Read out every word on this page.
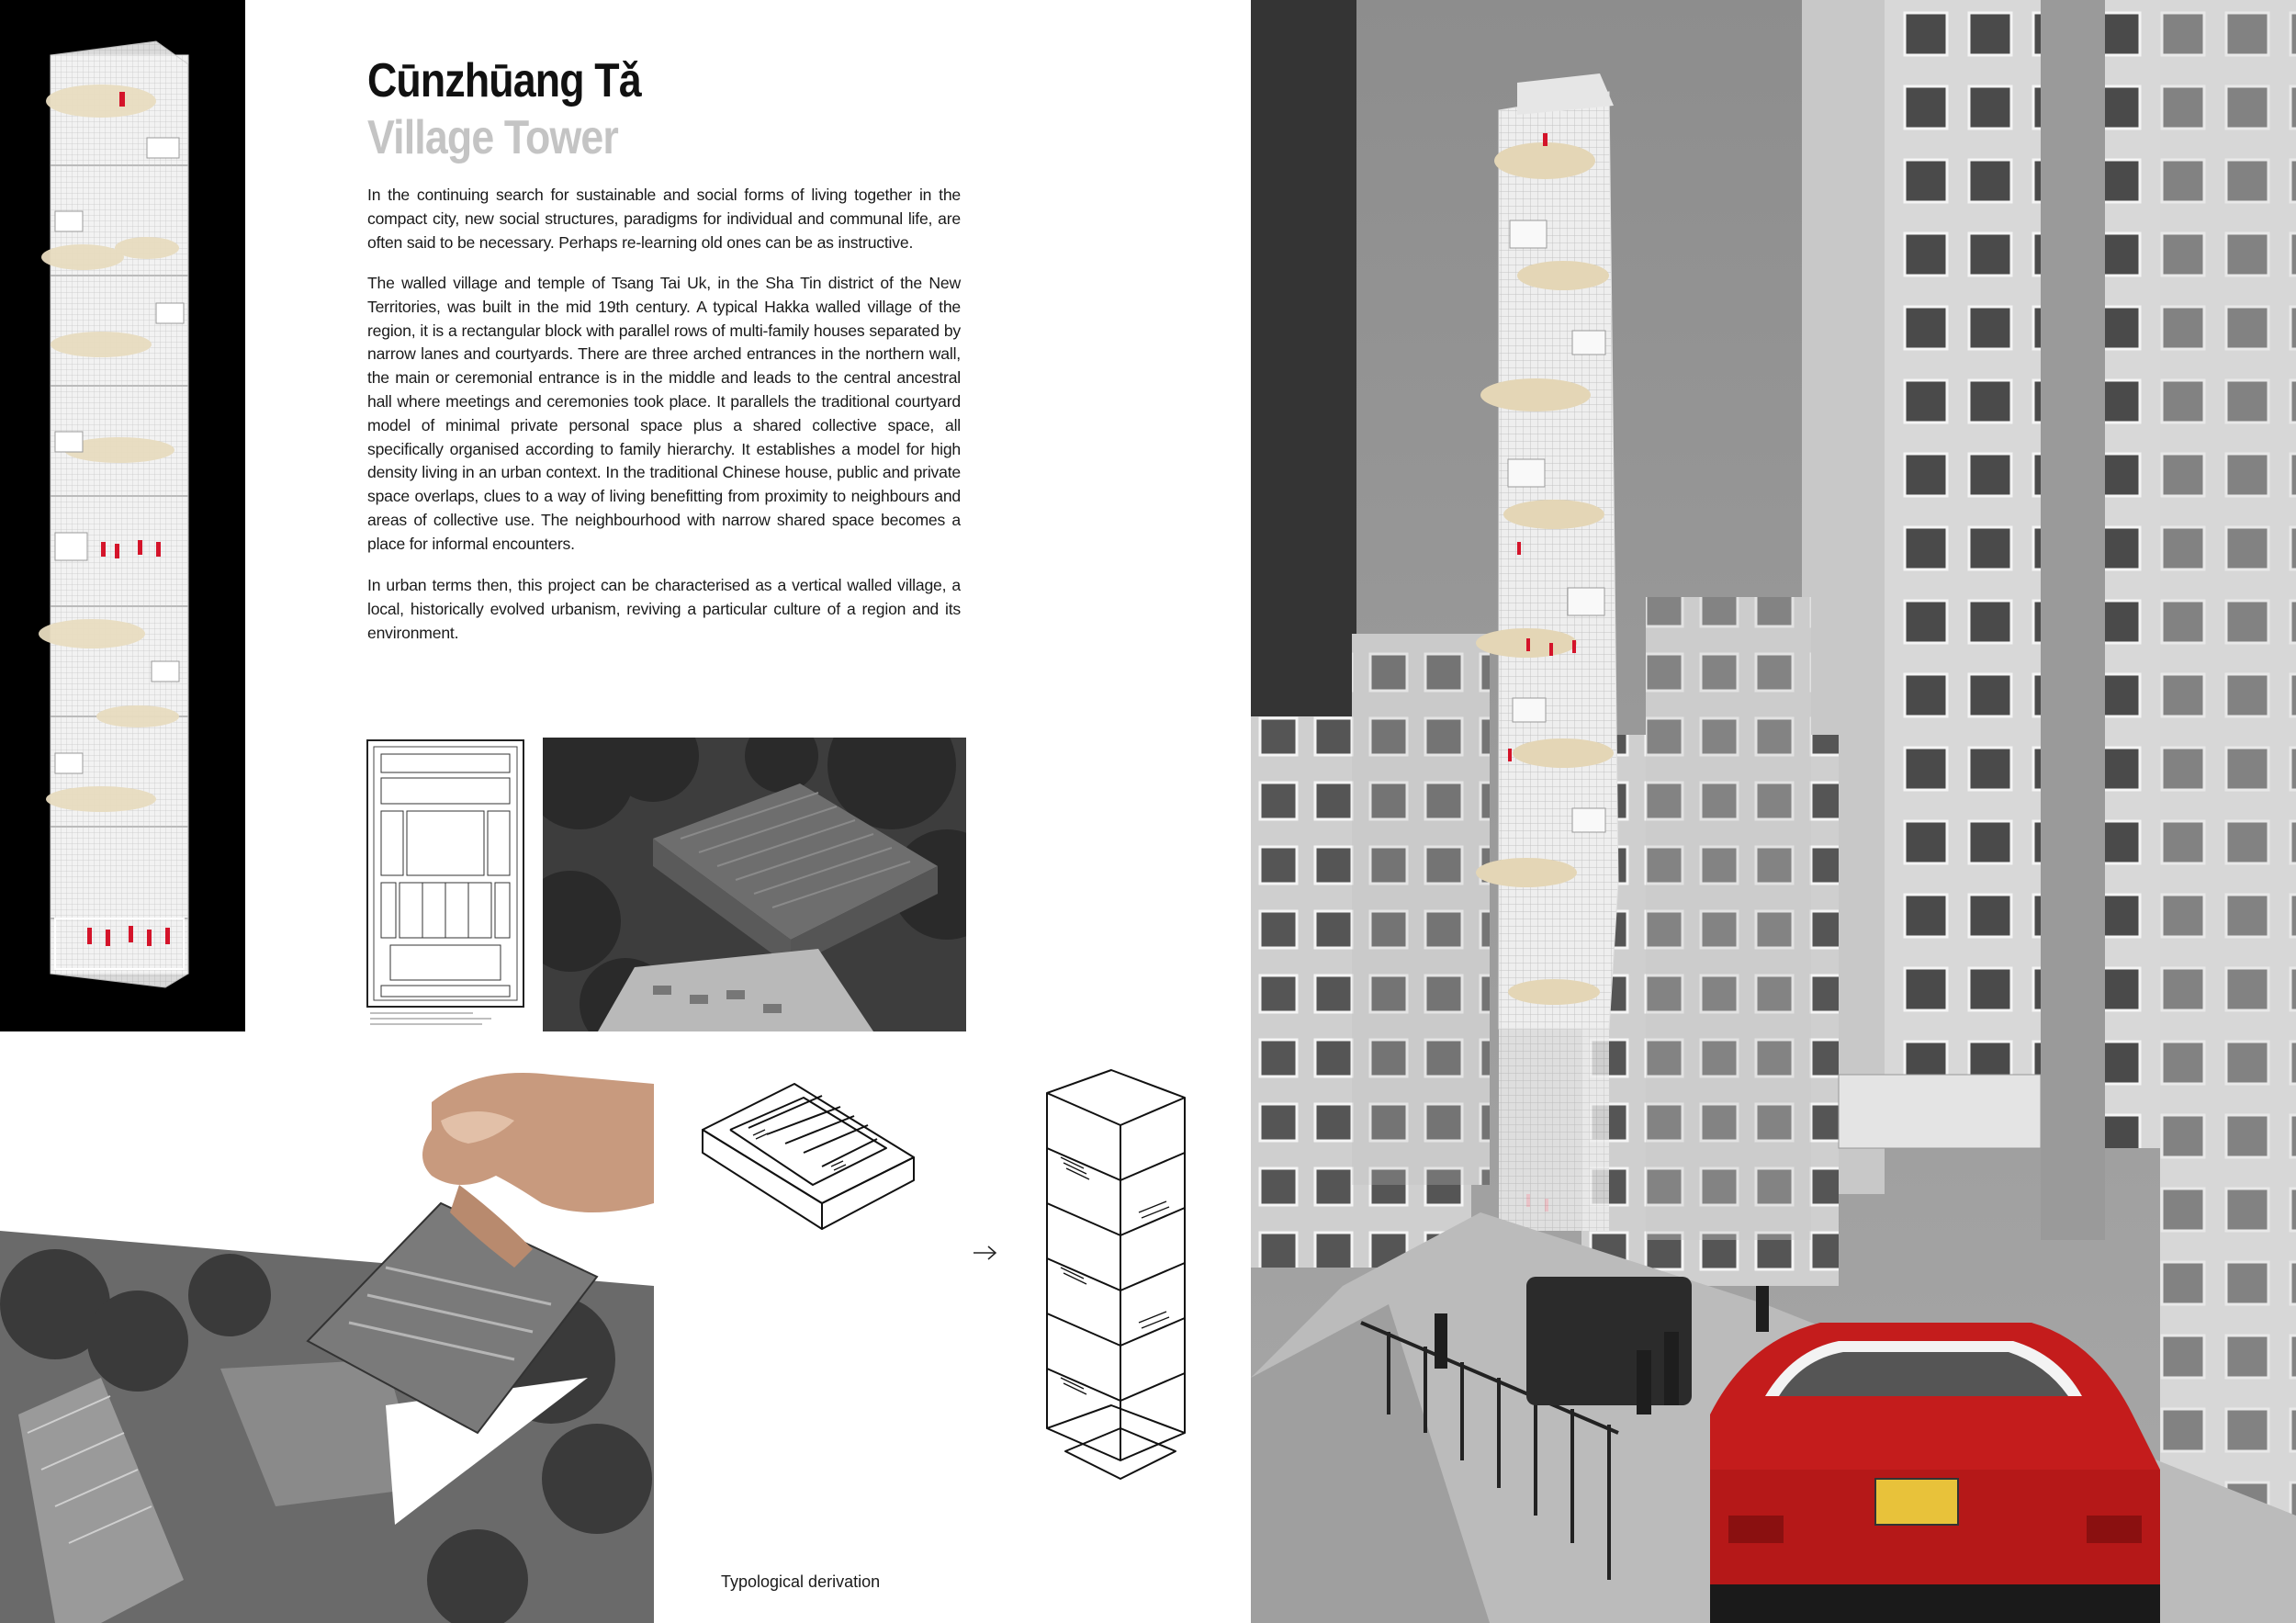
Cūnzhūang Tǎ
Village Tower

In the continuing search for sustainable and social forms of living together in the compact city, new social structures, paradigms for individual and communal life, are often said to be necessary. Perhaps re-learning old ones can be as instructive.

The walled village and temple of Tsang Tai Uk, in the Sha Tin district of the New Territories, was built in the mid 19th century. A typical Hakka walled village of the region, it is a rectangular block with parallel rows of multi-family houses separated by narrow lanes and courtyards. There are three arched entrances in the northern wall, the main or ceremonial entrance is in the middle and leads to the central ancestral hall where meetings and ceremonies took place. It parallels the traditional courtyard model of minimal private personal space plus a shared collective space, all specifically organised according to family hierarchy. It establishes a model for high density living in an urban context. In the traditional Chinese house, public and private space overlaps, clues to a way of living benefitting from proximity to neighbours and areas of collective use. The neighbourhood with narrow shared space becomes a place for informal encounters.

In urban terms then, this project can be characterised as a vertical walled village, a local, historically evolved urbanism, reviving a particular culture of a region and its environment.

Typological derivation
